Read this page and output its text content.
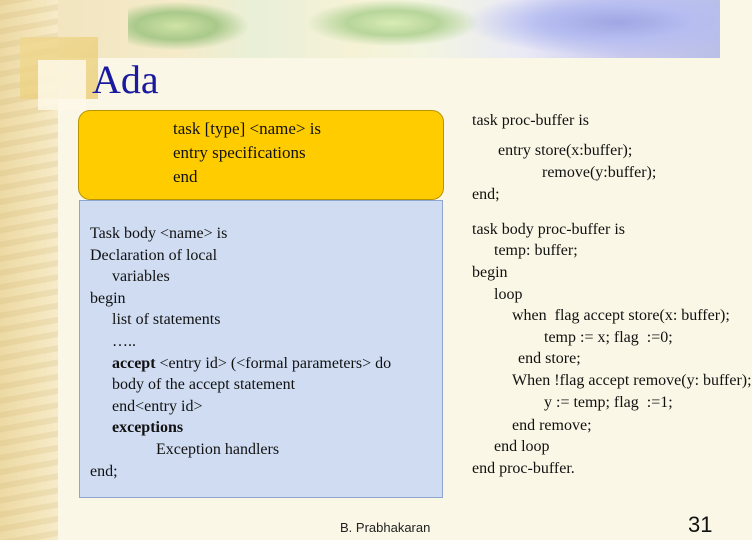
Ada
task [type] <name> is
entry specifications
end
Task body <name> is
Declaration of local
variables
begin
list of statements
…..
accept <entry id> (<formal parameters> do
body of the accept statement
end<entry id>
exceptions
Exception handlers
end;
task proc-buffer is
entry store(x:buffer);
remove(y:buffer);
end;
task body proc-buffer is
temp: buffer;
begin
loop
when  flag accept store(x: buffer);
temp := x; flag  :=0;
end store;
When !flag accept remove(y: buffer);
y := temp; flag  :=1;
end remove;
end loop
end proc-buffer.
B. Prabhakaran	31
